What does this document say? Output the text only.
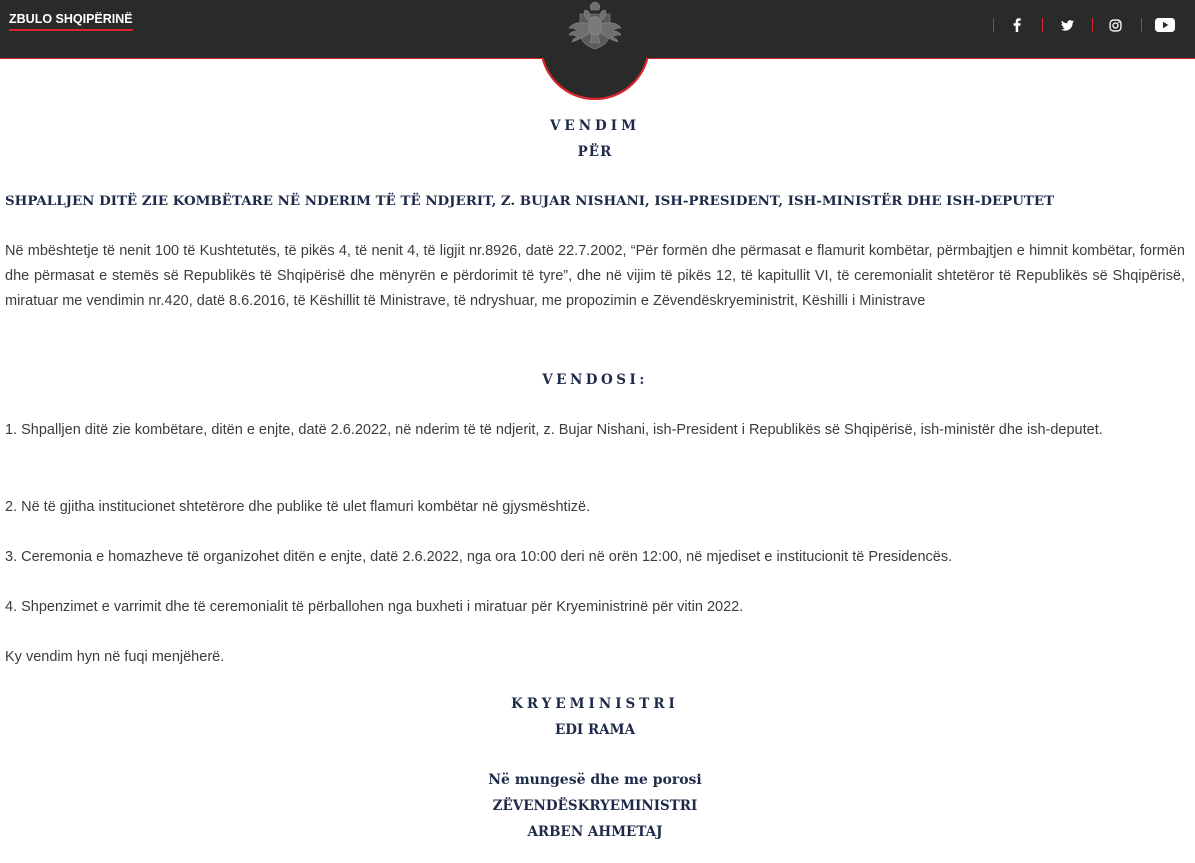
ZBULO SHQIPËRINË
VENDIM
PËR
SHPALLJEN DITË ZIE KOMBËTARE NË NDERIM TË TË NDJERIT, Z. BUJAR NISHANI, ISH-PRESIDENT, ISH-MINISTËR DHE ISH-DEPUTET

Në mbështetje të nenit 100 të Kushtetutës, të pikës 4, të nenit 4, të ligjit nr.8926, datë 22.7.2002, “Për formën dhe përmasat e flamurit kombëtar, përmbajtjen e himnit kombëtar, formën dhe përmasat e stemës së Republikës të Shqipërisë dhe mënyrën e përdorimit të tyre”, dhe në vijim të pikës 12, të kapitullit VI, të ceremonialit shtetëror të Republikës së Shqipërisë, miratuar me vendimin nr.420, datë 8.6.2016, të Këshillit të Ministrave, të ndryshuar, me propozimin e Zëvendëskryeministrit, Këshilli i Ministrave

VENDOSI:

1. Shpalljen ditë zie kombëtare, ditën e enjte, datë 2.6.2022, në nderim të të ndjerit, z. Bujar Nishani, ish-President i Republikës së Shqipërisë, ish-ministër dhe ish-deputet.

2. Në të gjitha institucionet shtetërore dhe publike të ulet flamuri kombëtar në gjysmështizë.

3. Ceremonia e homazheve të organizohet ditën e enjte, datë 2.6.2022, nga ora 10:00 deri në orën 12:00, në mjediset e institucionit të Presidencës.

4. Shpenzimet e varrimit dhe të ceremonialit të përballohen nga buxheti i miratuar për Kryeministrinë për vitin 2022.

Ky vendim hyn në fuqi menjëherë.

KRYEMINISTRI
EDI RAMA
Në mungesë dhe me porosi
ZËVENDËSKRYEMINISTRI
ARBEN AHMETAJ
